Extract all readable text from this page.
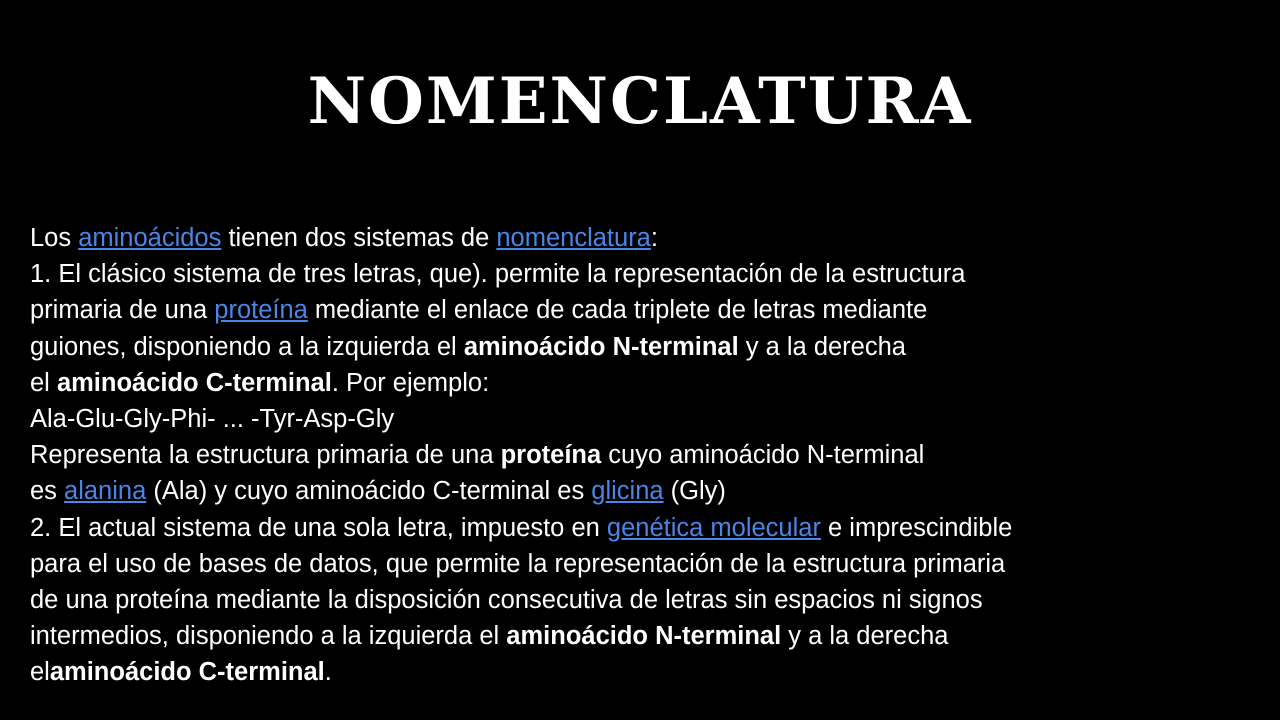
NOMENCLATURA
Los aminoácidos tienen dos sistemas de nomenclatura:
1. El clásico sistema de tres letras, que). permite la representación de la estructura
primaria de una proteína mediante el enlace de cada triplete de letras mediante
guiones, disponiendo a la izquierda el aminoácido N-terminal y a la derecha
el aminoácido C-terminal. Por ejemplo:
Ala-Glu-Gly-Phi- ... -Tyr-Asp-Gly
Representa la estructura primaria de una proteína cuyo aminoácido N-terminal
es alanina (Ala) y cuyo aminoácido C-terminal es glicina (Gly)
2. El actual sistema de una sola letra, impuesto en genética molecular e imprescindible
para el uso de bases de datos, que permite la representación de la estructura primaria
de una proteína mediante la disposición consecutiva de letras sin espacios ni signos
intermedios, disponiendo a la izquierda el aminoácido N-terminal y a la derecha
elaminoácido C-terminal.
